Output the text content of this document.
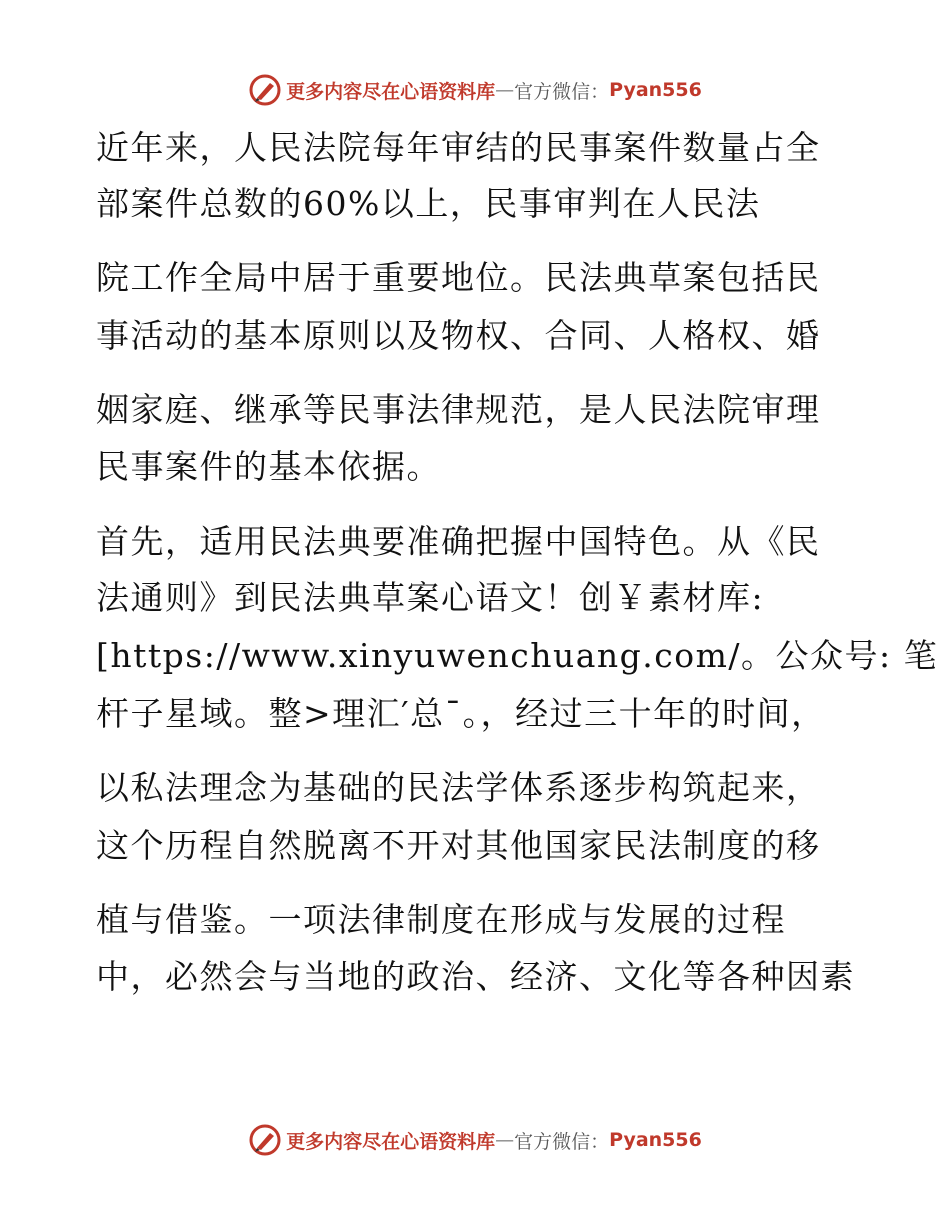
更多内容尽在心语资料库 — 官方微信： Pyan556
近年来，人民法院每年审结的民事案件数量占全
部案件总数的60%以上，民事审判在人民法
院工作全局中居于重要地位。民法典草案包括民
事活动的基本原则以及物权、合同、人格权、婚
姻家庭、继承等民事法律规范，是人民法院审理
民事案件的基本依据。
首先，适用民法典要准确把握中国特色。从《民
法通则》到民法典草案心语文！创￥素材库:
[https://www.xinyuwenchuang.com/。公众号: 笔
杆子星域。整>理汇′总¯。，经过三十年的时间，
以私法理念为基础的民法学体系逐步构筑起来，
这个历程自然脱离不开对其他国家民法制度的移
植与借鉴。一项法律制度在形成与发展的过程
中，必然会与当地的政治、经济、文化等各种因素
更多内容尽在心语资料库 — 官方微信： Pyan556
